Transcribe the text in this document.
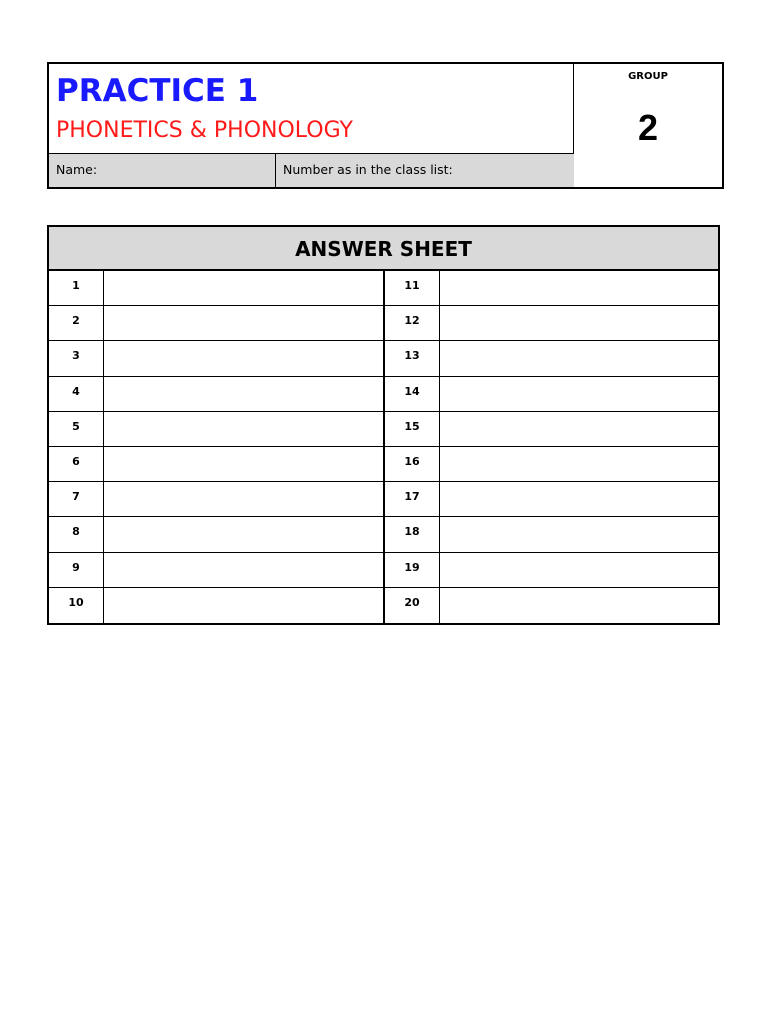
PRACTICE 1
PHONETICS & PHONOLOGY
GROUP
2
Name:	Number as in the class list:
ANSWER SHEET
1	11
2	12
3	13
4	14
5	15
6	16
7	17
8	18
9	19
10	20
